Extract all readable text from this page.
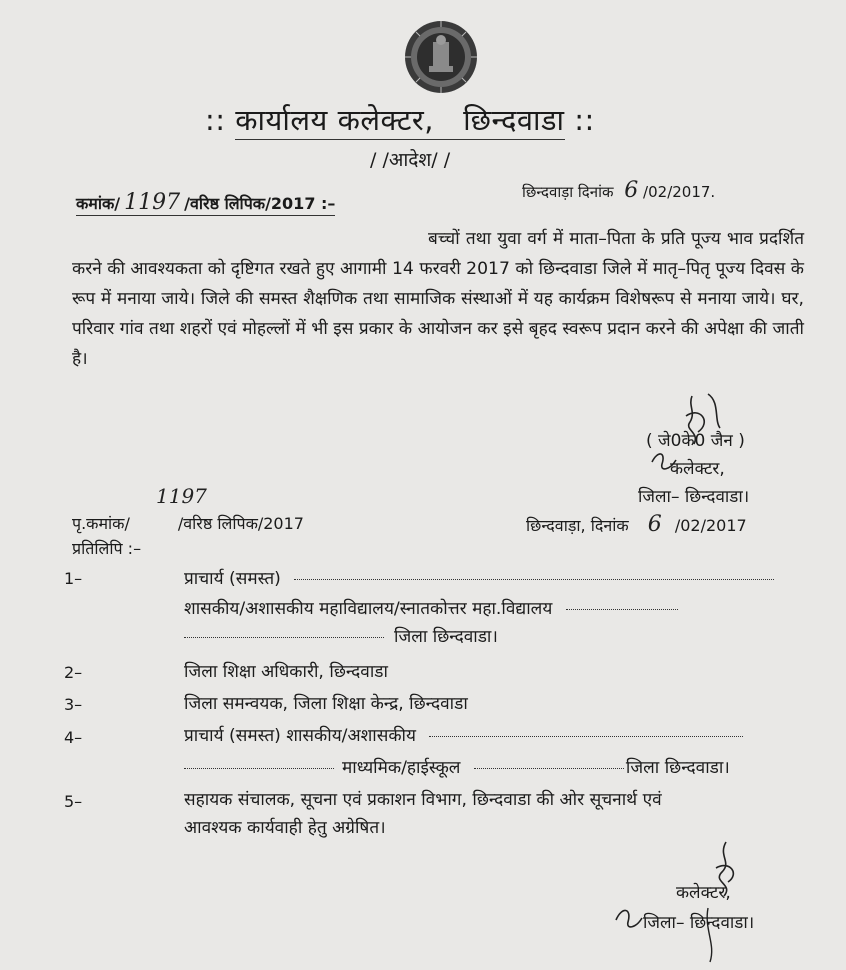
:: कार्यालय कलेक्टर, छिन्दवाडा ::
/ /आदेश/ /
छिन्दवाड़ा दिनांक 6 /02/2017.
कमांक/ 1197 /वरिष्ठ लिपिक/2017 :–
बच्चों तथा युवा वर्ग में माता–पिता के प्रति पूज्य भाव प्रदर्शित करने की आवश्यकता को दृष्टिगत रखते हुए आगामी 14 फरवरी 2017 को छिन्दवाडा जिले में मातृ–पितृ पूज्य दिवस के रूप में मनाया जाये। जिले की समस्त शैक्षणिक तथा सामाजिक संस्थाओं में यह कार्यक्रम विशेषरूप से मनाया जाये। घर, परिवार गांव तथा शहरों एवं मोहल्लों में भी इस प्रकार के आयोजन कर इसे बृहद स्वरूप प्रदान करने की अपेक्षा की जाती है।
( जे0के0 जैन )
कलेक्टर,
जिला– छिन्दवाडा।
1197
पृ.कमांक/	/वरिष्ठ लिपिक/2017	छिन्दवाड़ा, दिनांक 6 /02/2017
प्रतिलिपि :–
1–	प्राचार्य (समस्त)
शासकीय/अशासकीय महाविद्यालय/स्नातकोत्तर महा.विद्यालय
जिला छिन्दवाडा।
2–	जिला शिक्षा अधिकारी, छिन्दवाडा
3–	जिला समन्वयक, जिला शिक्षा केन्द्र, छिन्दवाडा
4–	प्राचार्य (समस्त) शासकीय/अशासकीय
माध्यमिक/हाईस्कूल	जिला छिन्दवाडा।
5–	सहायक संचालक, सूचना एवं प्रकाशन विभाग, छिन्दवाडा की ओर सूचनार्थ एवं
आवश्यक कार्यवाही हेतु अग्रेषित।
कलेक्टर,
जिला– छिन्दवाडा।
